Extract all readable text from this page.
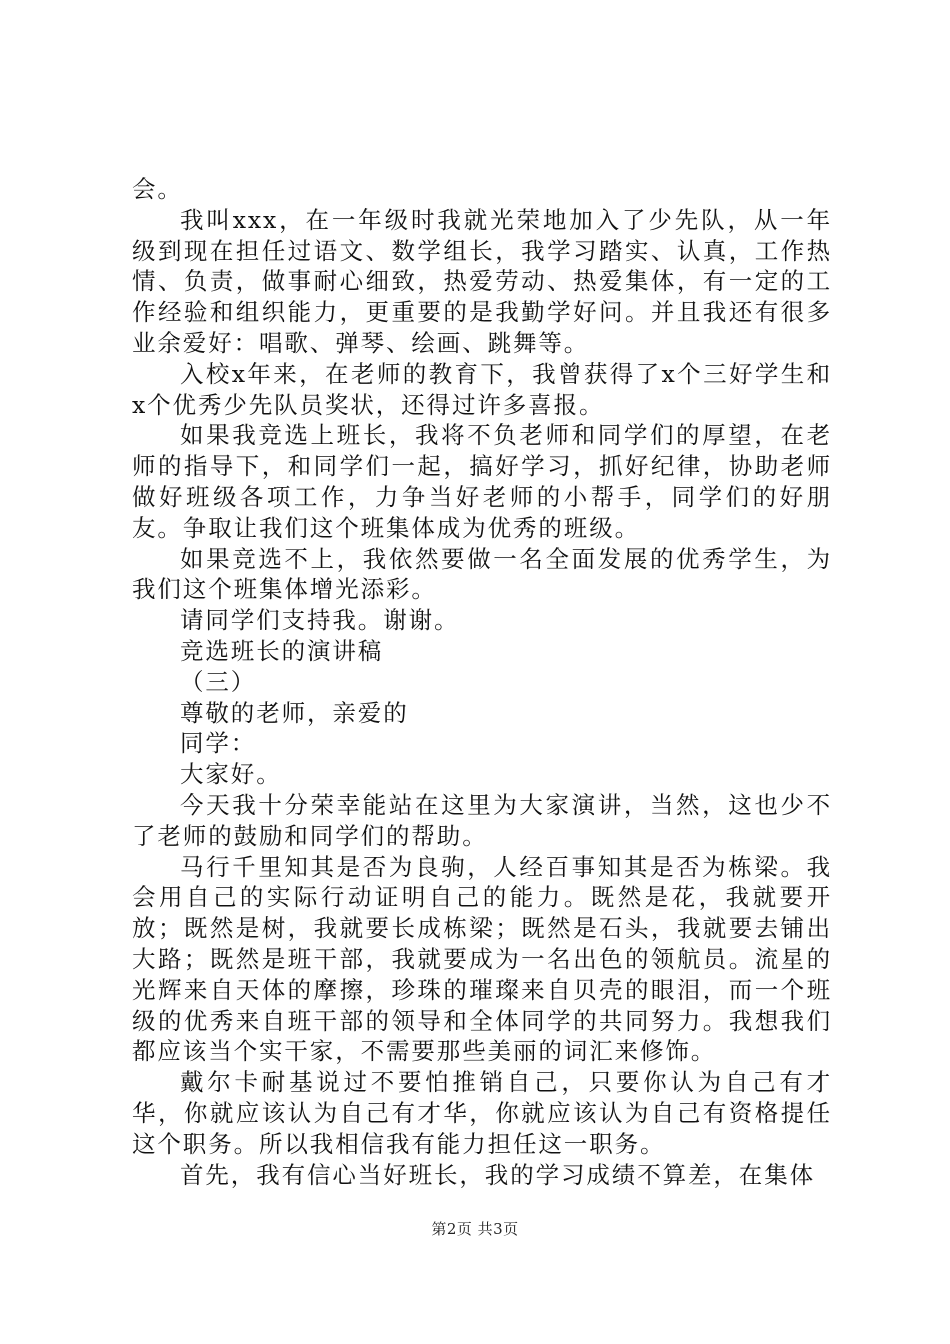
会。

我叫xxx，在一年级时我就光荣地加入了少先队，从一年级到现在担任过语文、数学组长，我学习踏实、认真，工作热情、负责，做事耐心细致，热爱劳动、热爱集体，有一定的工作经验和组织能力，更重要的是我勤学好问。并且我还有很多业余爱好：唱歌、弹琴、绘画、跳舞等。

入校x年来，在老师的教育下，我曾获得了x个三好学生和x个优秀少先队员奖状，还得过许多喜报。

如果我竞选上班长，我将不负老师和同学们的厚望，在老师的指导下，和同学们一起，搞好学习，抓好纪律，协助老师做好班级各项工作，力争当好老师的小帮手，同学们的好朋友。争取让我们这个班集体成为优秀的班级。

如果竞选不上，我依然要做一名全面发展的优秀学生，为我们这个班集体增光添彩。

请同学们支持我。谢谢。

竞选班长的演讲稿

（三）

尊敬的老师，亲爱的

同学：

大家好。

今天我十分荣幸能站在这里为大家演讲，当然，这也少不了老师的鼓励和同学们的帮助。

马行千里知其是否为良驹，人经百事知其是否为栋梁。我会用自己的实际行动证明自己的能力。既然是花，我就要开放；既然是树，我就要长成栋梁；既然是石头，我就要去铺出大路；既然是班干部，我就要成为一名出色的领航员。流星的光辉来自天体的摩擦，珍珠的璀璨来自贝壳的眼泪，而一个班级的优秀来自班干部的领导和全体同学的共同努力。我想我们都应该当个实干家，不需要那些美丽的词汇来修饰。

戴尔卡耐基说过不要怕推销自己，只要你认为自己有才华，你就应该认为自己有才华，你就应该认为自己有资格提任这个职务。所以我相信我有能力担任这一职务。

首先，我有信心当好班长，我的学习成绩不算差，在集体

第2页 共3页
